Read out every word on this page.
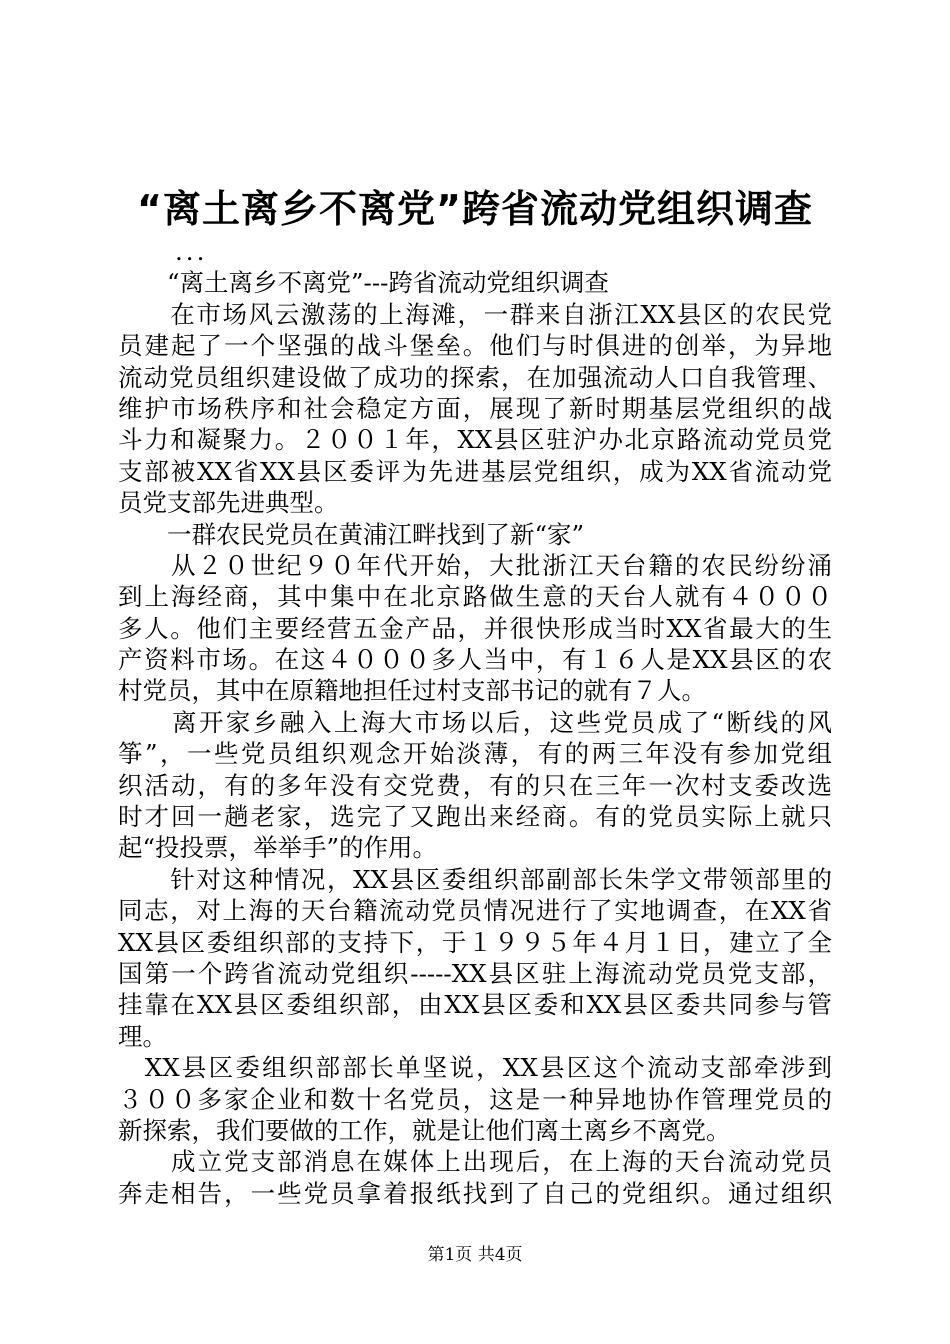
“离土离乡不离党”跨省流动党组织调查
...
　　“离土离乡不离党”---跨省流动党组织调查
　　在市场风云激荡的上海滩，一群来自浙江XX县区的农民党
员建起了一个坚强的战斗堡垒。他们与时俱进的创举，为异地
流动党员组织建设做了成功的探索，在加强流动人口自我管理、
维护市场秩序和社会稳定方面，展现了新时期基层党组织的战
斗力和凝聚力。２００１年，XX县区驻沪办北京路流动党员党
支部被XX省XX县区委评为先进基层党组织，成为XX省流动党
员党支部先进典型。
　　一群农民党员在黄浦江畔找到了新“家”
　　从２０世纪９０年代开始，大批浙江天台籍的农民纷纷涌
到上海经商，其中集中在北京路做生意的天台人就有４０００
多人。他们主要经营五金产品，并很快形成当时XX省最大的生
产资料市场。在这４０００多人当中，有１６人是XX县区的农
村党员，其中在原籍地担任过村支部书记的就有７人。
　　离开家乡融入上海大市场以后，这些党员成了“断线的风
筝”，一些党员组织观念开始淡薄，有的两三年没有参加党组
织活动，有的多年没有交党费，有的只在三年一次村支委改选
时才回一趟老家，选完了又跑出来经商。有的党员实际上就只
起“投投票，举举手”的作用。
　　针对这种情况，XX县区委组织部副部长朱学文带领部里的
同志，对上海的天台籍流动党员情况进行了实地调查，在XX省
XX县区委组织部的支持下，于１９９５年４月１日，建立了全
国第一个跨省流动党组织-----XX县区驻上海流动党员党支部，
挂靠在XX县区委组织部，由XX县区委和XX县区委共同参与管
理。
　XX县区委组织部部长单坚说，XX县区这个流动支部牵涉到
３００多家企业和数十名党员，这是一种异地协作管理党员的
新探索，我们要做的工作，就是让他们离土离乡不离党。
　　成立党支部消息在媒体上出现后，在上海的天台流动党员
奔走相告，一些党员拿着报纸找到了自己的党组织。通过组织
第1页 共4页
